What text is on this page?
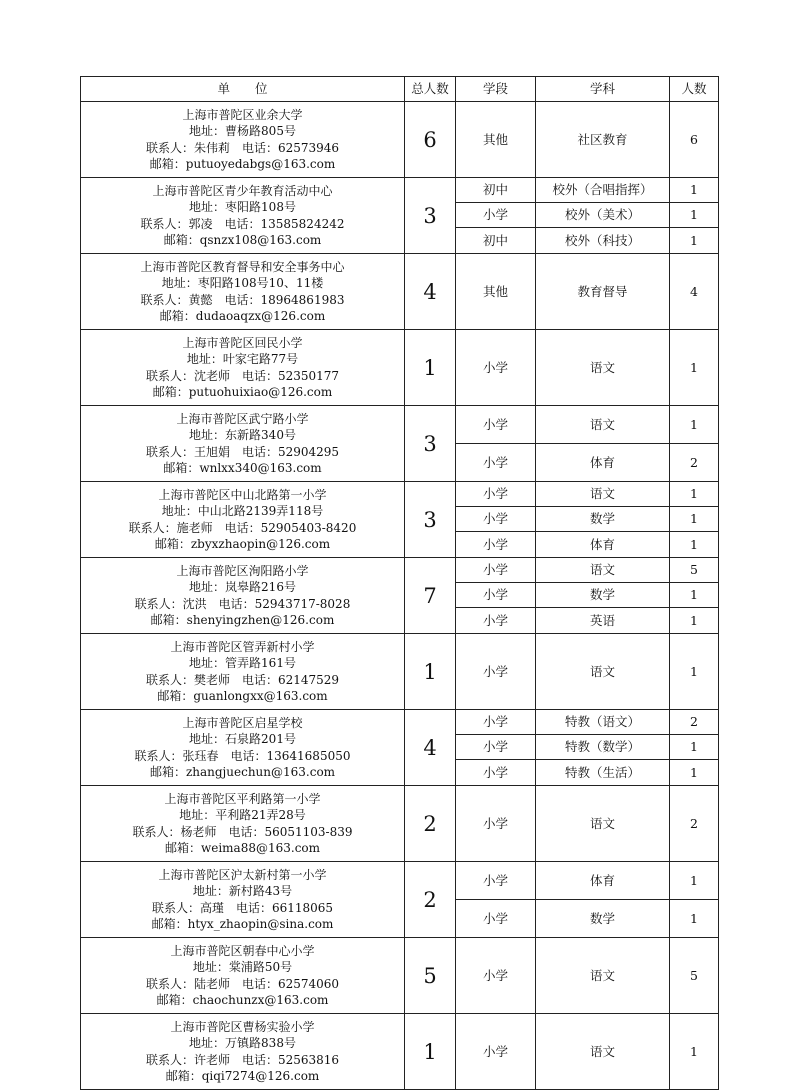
单　　位	总人数	学段	学科	人数

上海市普陀区业余大学
地址：曹杨路805号
联系人：朱伟莉　电话：62573946
邮箱：putuoyedabgs@163.com	6	其他	社区教育	6

上海市普陀区青少年教育活动中心
地址：枣阳路108号
联系人：郭凌　电话：13585824242
邮箱：qsnzx108@163.com	3	初中	校外（合唱指挥）	1
		小学	校外（美术）	1
		初中	校外（科技）	1

上海市普陀区教育督导和安全事务中心
地址：枣阳路108号10、11楼
联系人：黄懿　电话：18964861983
邮箱：dudaoaqzx@126.com	4	其他	教育督导	4

上海市普陀区回民小学
地址：叶家宅路77号
联系人：沈老师　电话：52350177
邮箱：putuohuixiao@126.com	1	小学	语文	1

上海市普陀区武宁路小学
地址：东新路340号
联系人：王旭娟　电话：52904295
邮箱：wnlxx340@163.com	3	小学	语文	1
		小学	体育	2

上海市普陀区中山北路第一小学
地址：中山北路2139弄118号
联系人：施老师　电话：52905403-8420
邮箱：zbyxzhaopin@126.com	3	小学	语文	1
		小学	数学	1
		小学	体育	1

上海市普陀区洵阳路小学
地址：岚皋路216号
联系人：沈洪　电话：52943717-8028
邮箱：shenyingzhen@126.com	7	小学	语文	5
		小学	数学	1
		小学	英语	1

上海市普陀区管弄新村小学
地址：管弄路161号
联系人：樊老师　电话：62147529
邮箱：guanlongxx@163.com	1	小学	语文	1

上海市普陀区启星学校
地址：石泉路201号
联系人：张珏春　电话：13641685050
邮箱：zhangjuechun@163.com	4	小学	特教（语文）	2
		小学	特教（数学）	1
		小学	特教（生活）	1

上海市普陀区平利路第一小学
地址：平利路21弄28号
联系人：杨老师　电话：56051103-839
邮箱：weima88@163.com	2	小学	语文	2

上海市普陀区沪太新村第一小学
地址：新村路43号
联系人：高瑾　电话：66118065
邮箱：htyx_zhaopin@sina.com	2	小学	体育	1
		小学	数学	1

上海市普陀区朝春中心小学
地址：棠浦路50号
联系人：陆老师　电话：62574060
邮箱：chaochunzx@163.com	5	小学	语文	5

上海市普陀区曹杨实验小学
地址：万镇路838号
联系人：许老师　电话：52563816
邮箱：qiqi7274@126.com	1	小学	语文	1
